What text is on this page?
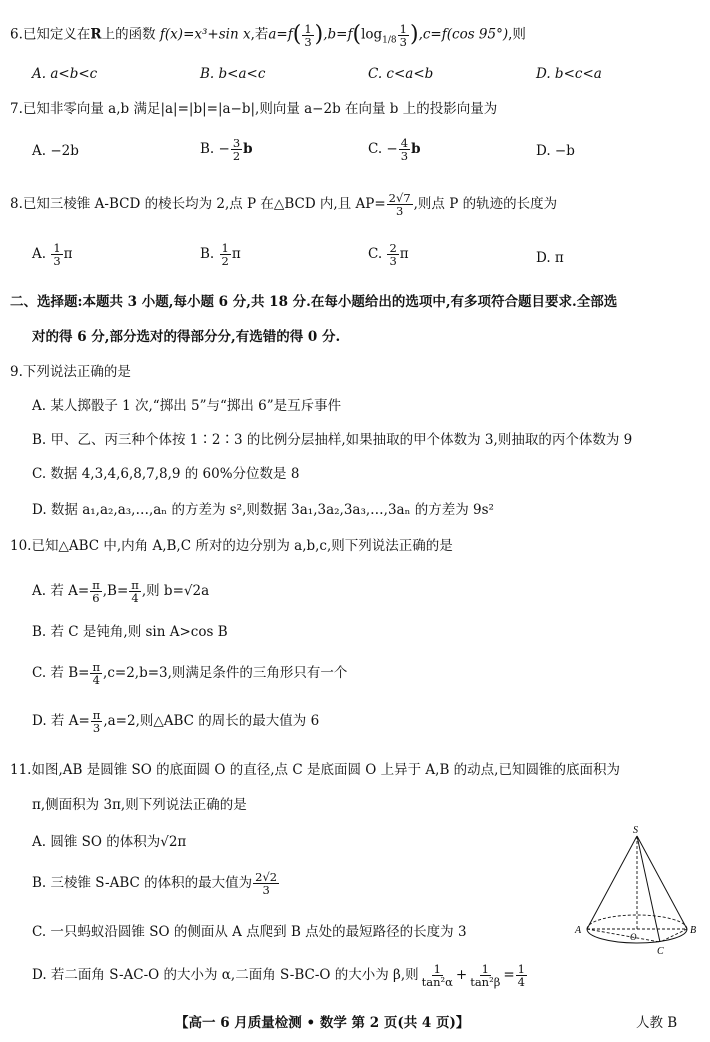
6.已知定义在R上的函数 f(x)=x³+sin x,若$a=f( \frac{1}{3} ),b=f(\log_{1/8} \frac{1}{3} ),c=f(\cos$ 95°),则
A. a<b<c	B. b<a<c	C. c<a<b	D. b<c<a
7.已知非零向量 a,b 满足|a|=|b|=|a−b|,则向量 a−2b 在向量 b 上的投影向量为
A. −2b	B. − $\frac{3}{2}$ b	C. − $\frac{4}{3}$ b	D. −b
8.已知三棱锥 A-BCD 的棱长均为 2,点 P 在△BCD 内,且 $AP= \frac{2√7}{3}$ ,则点 P 的轨迹的长度为
A. $\frac{1}{3}$ π	B. $\frac{1}{2}$ π	C. $\frac{2}{3}$ π	D. π
二、选择题:本题共 3 小题,每小题 6 分,共 18 分.在每小题给出的选项中,有多项符合题目要求.全部选
对的得 6 分,部分选对的得部分分,有选错的得 0 分.
9.下列说法正确的是
A. 某人掷骰子 1 次,“掷出 5”与“掷出 6”是互斥事件
B. 甲、乙、丙三种个体按 1∶2∶3 的比例分层抽样,如果抽取的甲个体数为 3,则抽取的丙个体数为 9
C. 数据 4,3,4,6,8,7,8,9 的 60%分位数是 8
D. 数据 a₁,a₂,a₃,…,aₙ 的方差为 s²,则数据 3a₁,3a₂,3a₃,…,3aₙ 的方差为 9s²
10.已知△ABC 中,内角 A,B,C 所对的边分别为 a,b,c,则下列说法正确的是
A. 若 $A= \frac{\pi}{6} ,B= \frac{\pi}{4}$ ,则 b=√2a
B. 若 C 是钝角,则 sin A>cos B
C. 若 $B= \frac{\pi}{4} ,c=2,b=3$,则满足条件的三角形只有一个
D. 若 $A= \frac{\pi}{3} ,a=2$,则△ABC 的周长的最大值为 6
11.如图,AB 是圆锥 SO 的底面圆 O 的直径,点 C 是底面圆 O 上异于 A,B 的动点,已知圆锥的底面积为
π,侧面积为 3π,则下列说法正确的是
A. 圆锥 SO 的体积为√2π
B. 三棱锥 S-ABC 的体积的最大值为 $\frac{2√2}{3}$
C. 一只蚂蚁沿圆锥 SO 的侧面从 A 点爬到 B 点处的最短路径的长度为 3
D. 若二面角 S-AC-O 的大小为 α,二面角 S-BC-O 的大小为 β,则 $\frac{1}{\text{tan²α}} + \frac{1}{\text{tan²β}} = \frac{1}{4}$
S
A	B
C
O
【高一 6 月质量检测 • 数学 第 2 页(共 4 页)】	人教 B
